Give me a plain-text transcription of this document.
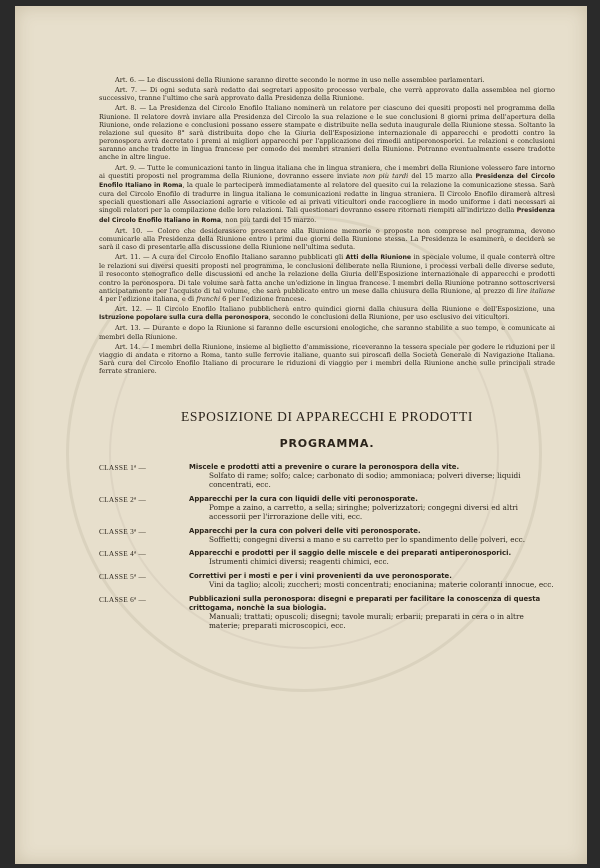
Art. 6. — Le discussioni della Riunione saranno dirette secondo le norme in uso nelle assemblee parlamentari.

Art. 7. — Di ogni seduta sarà redatto dai segretari apposito processo verbale, che verrà approvato dalla assemblea nel giorno successivo, tranne l'ultimo che sarà approvato dalla Presidenza della Riunione.

Art. 8. — La Presidenza del Circolo Enofilo Italiano nominerà un relatore per ciascuno dei quesiti proposti nel programma della Riunione. Il relatore dovrà inviare alla Presidenza del Circolo la sua relazione e le sue conclusioni 8 giorni prima dell'apertura della Riunione, onde relazione e conclusioni possano essere stampate e distribuite nella seduta inaugurale della Riunione stessa. Soltanto la relazione sul quesito 8° sarà distribuita dopo che la Giuria dell'Esposizione internazionale di apparecchi e prodotti contro la peronospora avrà decretato i premi ai migliori apparecchi per l'applicazione dei rimedii antiperonosporici. Le relazioni e conclusioni saranno anche tradotte in lingua francese per comodo dei membri stranieri della Riunione. Potranno eventualmente essere tradotte anche in altre lingue.

Art. 9. — Tutte le comunicazioni tanto in lingua italiana che in lingua straniera, che i membri della Riunione volessero fare intorno ai questiti proposti nel programma della Riunione, dovranno essere inviate non più tardi del 15 marzo alla Presidenza del Circolo Enofilo Italiano in Roma, la quale le parteciperà immediatamente al relatore del quesito cui la relazione la comunicazione stessa. Sarà cura del Circolo Enofilo di tradurre in lingua italiana le comunicazioni redatte in lingua straniera. Il Circolo Enofilo diramerà altresì speciali questionari alle Associazioni agrarie e viticole ed ai privati viticultori onde raccogliere in modo uniforme i dati necessari ai singoli relatori per la compilazione delle loro relazioni. Tali questionari dovranno essere ritornati riempiti all'indirizzo della Presidenza del Circolo Enofilo Italiano in Roma, non più tardi del 15 marzo.

Art. 10. — Coloro che desiderassero presentare alla Riunione memorie o proposte non comprese nel programma, devono comunicarle alla Presidenza della Riunione entro i primi due giorni della Riunione stessa. La Presidenza le esaminerà, e deciderà se sarà il caso di presentarle alla discussione della Riunione nell'ultima seduta.

Art. 11. — A cura del Circolo Enofilo Italiano saranno pubblicati gli Atti della Riunione in speciale volume, il quale conterrà oltre le relazioni sui diversi quesiti proposti nel programma, le conclusioni deliberate nella Riunione, i processi verbali delle diverse sedute, il resoconto stenografico delle discussioni ed anche la relazione della Giuria dell'Esposizione internazionale di apparecchi e prodotti contro la peronospora. Di tale volume sarà fatta anche un'edizione in lingua francese. I membri della Riunione potranno sottoscriversi anticipatamente per l'acquisto di tal volume, che sarà pubblicato entro un mese dalla chiusura della Riunione, al prezzo di lire italiane 4 per l'edizione italiana, e di franchi 6 per l'edizione francese.

Art. 12. — Il Circolo Enofilo Italiano pubblicherà entro quindici giorni dalla chiusura della Riunione e dell'Esposizione, una Istruzione popolare sulla cura della peronospora, secondo le conclusioni della Riunione, per uso esclusivo dei viticultori.

Art. 13. — Durante e dopo la Riunione si faranno delle escursioni enologiche, che saranno stabilite a suo tempo, e comunicate ai membri della Riunione.

Art. 14. — I membri della Riunione, insieme al biglietto d'ammissione, riceveranno la tessera speciale per godere le riduzioni per il viaggio di andata e ritorno a Roma, tanto sulle ferrovie italiane, quanto sui piroscafi della Società Generale di Navigazione Italiana. Sarà cura del Circolo Enofilo Italiano di procurare le riduzioni di viaggio per i membri della Riunione anche sulle principali strade ferrate straniere.

ESPOSIZIONE DI APPARECCHI E PRODOTTI
PROGRAMMA.
CLASSE 1ª —	Miscele e prodotti atti a prevenire o curare la peronospora della vite.
Solfato di rame; solfo; calce; carbonato di sodio; ammoniaca; polveri diverse; liquidi concentrati, ecc.
CLASSE 2ª —	Apparecchi per la cura con liquidi delle viti peronosporate.
Pompe a zaino, a carretto, a sella; siringhe; polverizzatori; congegni diversi ed altri accessorii per l'irrorazione delle viti, ecc.
CLASSE 3ª —	Apparecchi per la cura con polveri delle viti peronosporate.
Soffietti; congegni diversi a mano e su carretto per lo spandimento delle polveri, ecc.
CLASSE 4ª —	Apparecchi e prodotti per il saggio delle miscele e dei preparati antiperonosporici.
Istrumenti chimici diversi; reagenti chimici, ecc.
CLASSE 5ª —	Correttivi per i mosti e per i vini provenienti da uve peronosporate.
Vini da taglio; alcoli; zuccheri; mosti concentrati; enocianina; materie coloranti innocue, ecc.
CLASSE 6ª —	Pubblicazioni sulla peronospora: disegni e preparati per facilitare la conoscenza di questa crittogama, nonchè la sua biologia.
Manuali; trattati; opuscoli; disegni; tavole murali; erbarii; preparati in cera o in altre materie; preparati microscopici, ecc.
